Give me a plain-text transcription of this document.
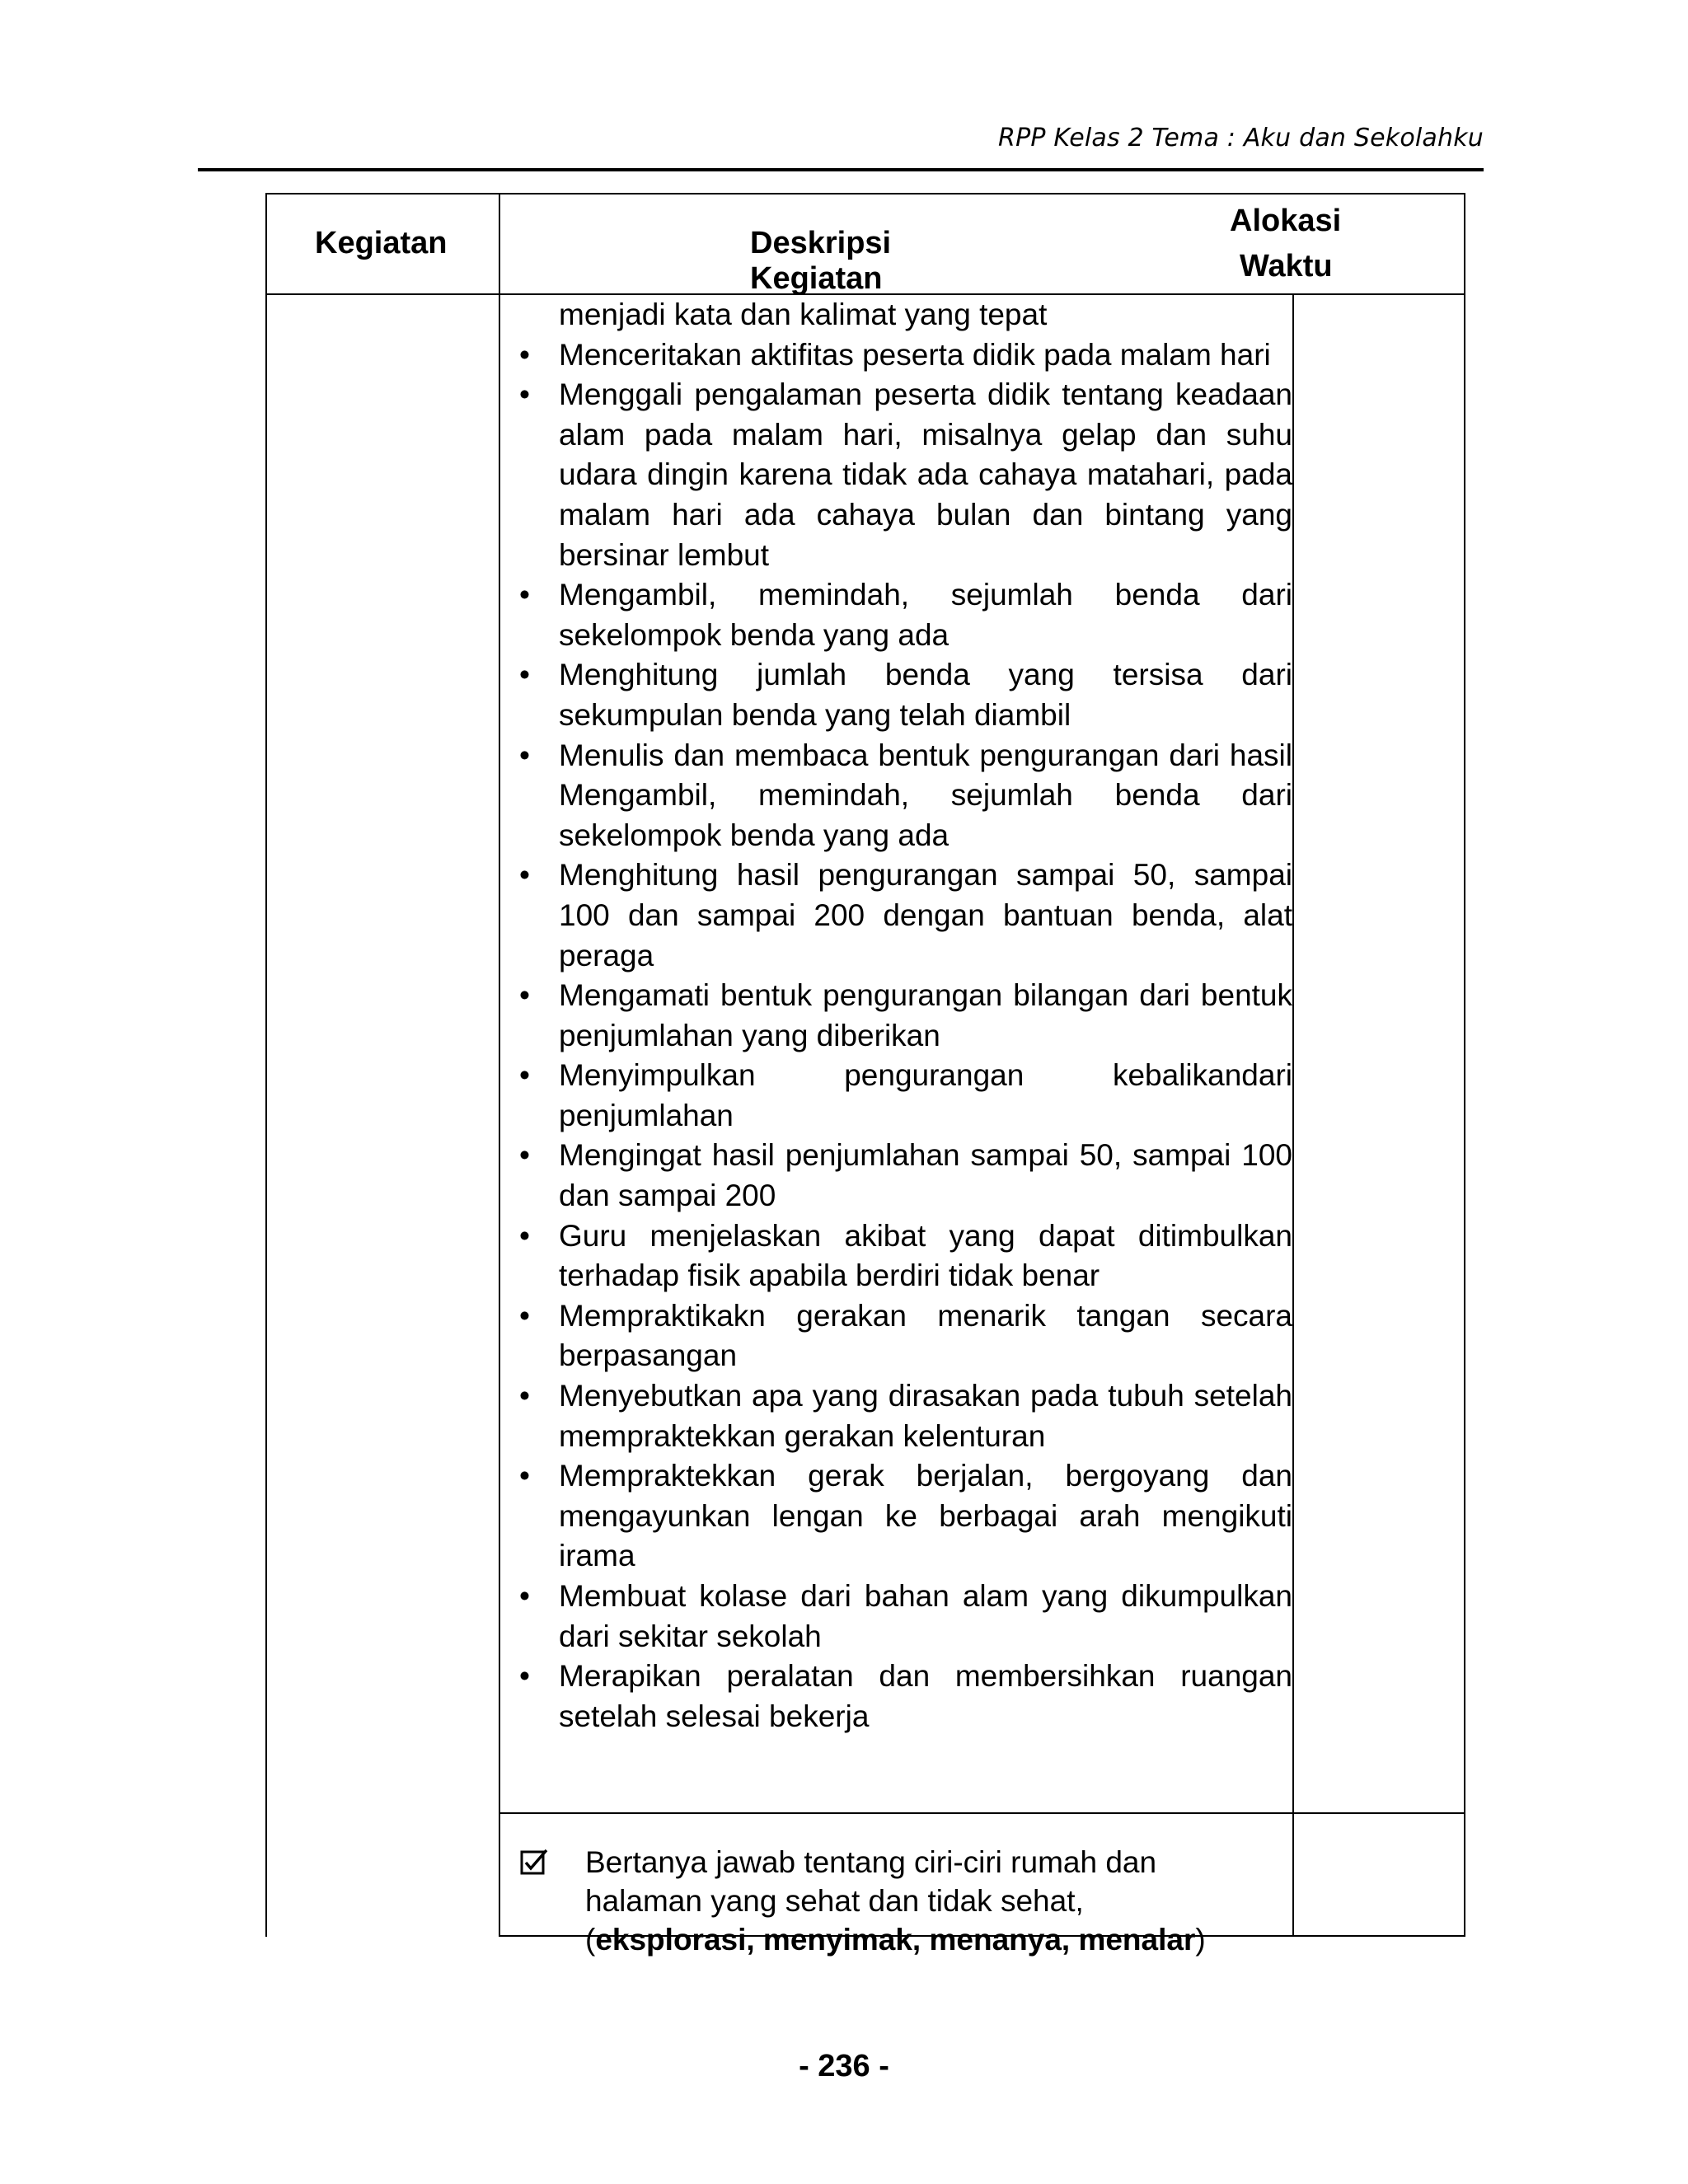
RPP Kelas 2 Tema : Aku dan Sekolahku
Kegiatan	Deskripsi Kegiatan
Alokasi
Waktu
menjadi kata dan kalimat yang tepat
• Menceritakan aktifitas peserta didik pada malam hari
• Menggali pengalaman peserta didik tentang keadaan alam pada malam hari, misalnya gelap dan suhu udara dingin karena tidak ada cahaya matahari, pada malam hari ada cahaya bulan dan bintang yang bersinar lembut
• Mengambil, memindah, sejumlah benda dari sekelompok benda yang ada
• Menghitung jumlah benda yang tersisa dari sekumpulan benda yang telah diambil
• Menulis dan membaca bentuk pengurangan dari hasil Mengambil, memindah, sejumlah benda dari sekelompok benda yang ada
• Menghitung hasil pengurangan sampai 50, sampai 100 dan sampai 200 dengan bantuan benda, alat peraga
• Mengamati bentuk pengurangan bilangan dari bentuk penjumlahan yang diberikan
• Menyimpulkan pengurangan kebalikandari penjumlahan
• Mengingat hasil penjumlahan sampai 50, sampai 100 dan sampai 200
• Guru menjelaskan akibat yang dapat ditimbulkan terhadap fisik apabila berdiri tidak benar
• Mempraktikakn gerakan menarik tangan secara berpasangan
• Menyebutkan apa yang dirasakan pada tubuh setelah mempraktekkan gerakan kelenturan
• Mempraktekkan gerak berjalan, bergoyang dan mengayunkan lengan ke berbagai arah mengikuti irama
• Membuat kolase dari bahan alam yang dikumpulkan dari sekitar sekolah
• Merapikan peralatan dan membersihkan ruangan setelah selesai bekerja
Bertanya jawab tentang ciri-ciri rumah dan
halaman yang sehat dan tidak sehat,
(eksplorasi, menyimak, menanya, menalar)
- 236 -
